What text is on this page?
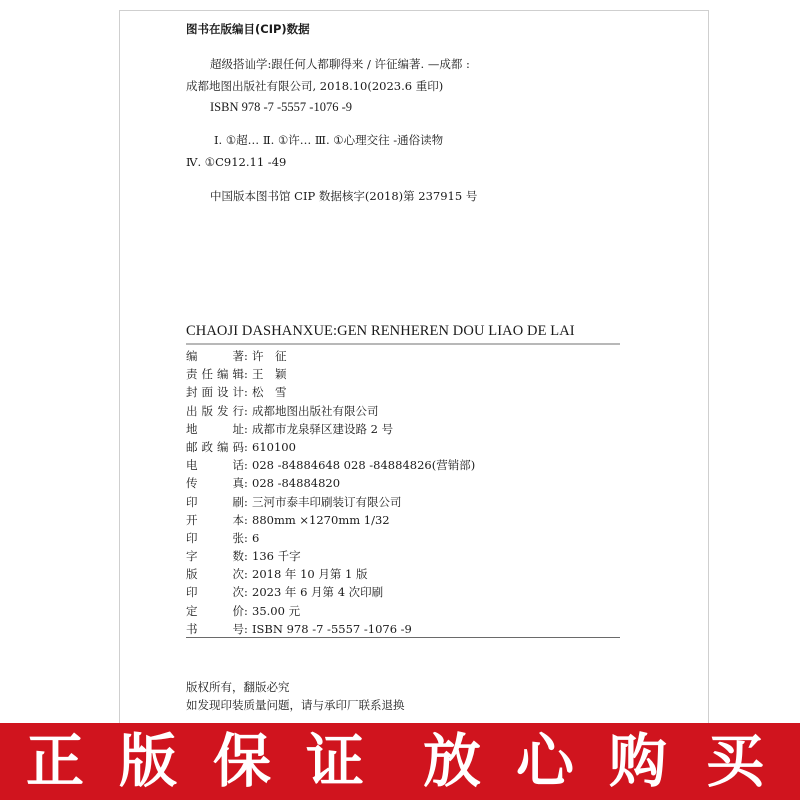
图书在版编目(CIP)数据
超级搭讪学:跟任何人都聊得来 / 许征编著. —成都 :
成都地图出版社有限公司, 2018.10(2023.6 重印)
ISBN 978 -7 -5557 -1076 -9
Ⅰ. ①超… Ⅱ. ①许… Ⅲ. ①心理交往 -通俗读物
Ⅳ. ①C912.11 -49
中国版本图书馆 CIP 数据核字(2018)第 237915 号
CHAOJI DASHANXUE:GEN RENHEREN DOU LIAO DE LAI
编	著 : 许　征
责 任 编 辑 : 王　颖
封 面 设 计 : 松　雪
出 版 发 行 : 成都地图出版社有限公司
地	址 : 成都市龙泉驿区建设路 2 号
邮 政 编 码 : 610100
电	话 : 028 -84884648 028 -84884826(营销部)
传	真 : 028 -84884820
印	刷 : 三河市泰丰印刷装订有限公司
开	本 : 880mm ×1270mm 1/32
印	张 : 6
字	数 : 136 千字
版	次 : 2018 年 10 月第 1 版
印	次 : 2023 年 6 月第 4 次印刷
定	价 : 35.00 元
书	号 : ISBN 978 -7 -5557 -1076 -9
版权所有，翻版必究
如发现印装质量问题，请与承印厂联系退换
正 版 保 证 放 心 购 买
